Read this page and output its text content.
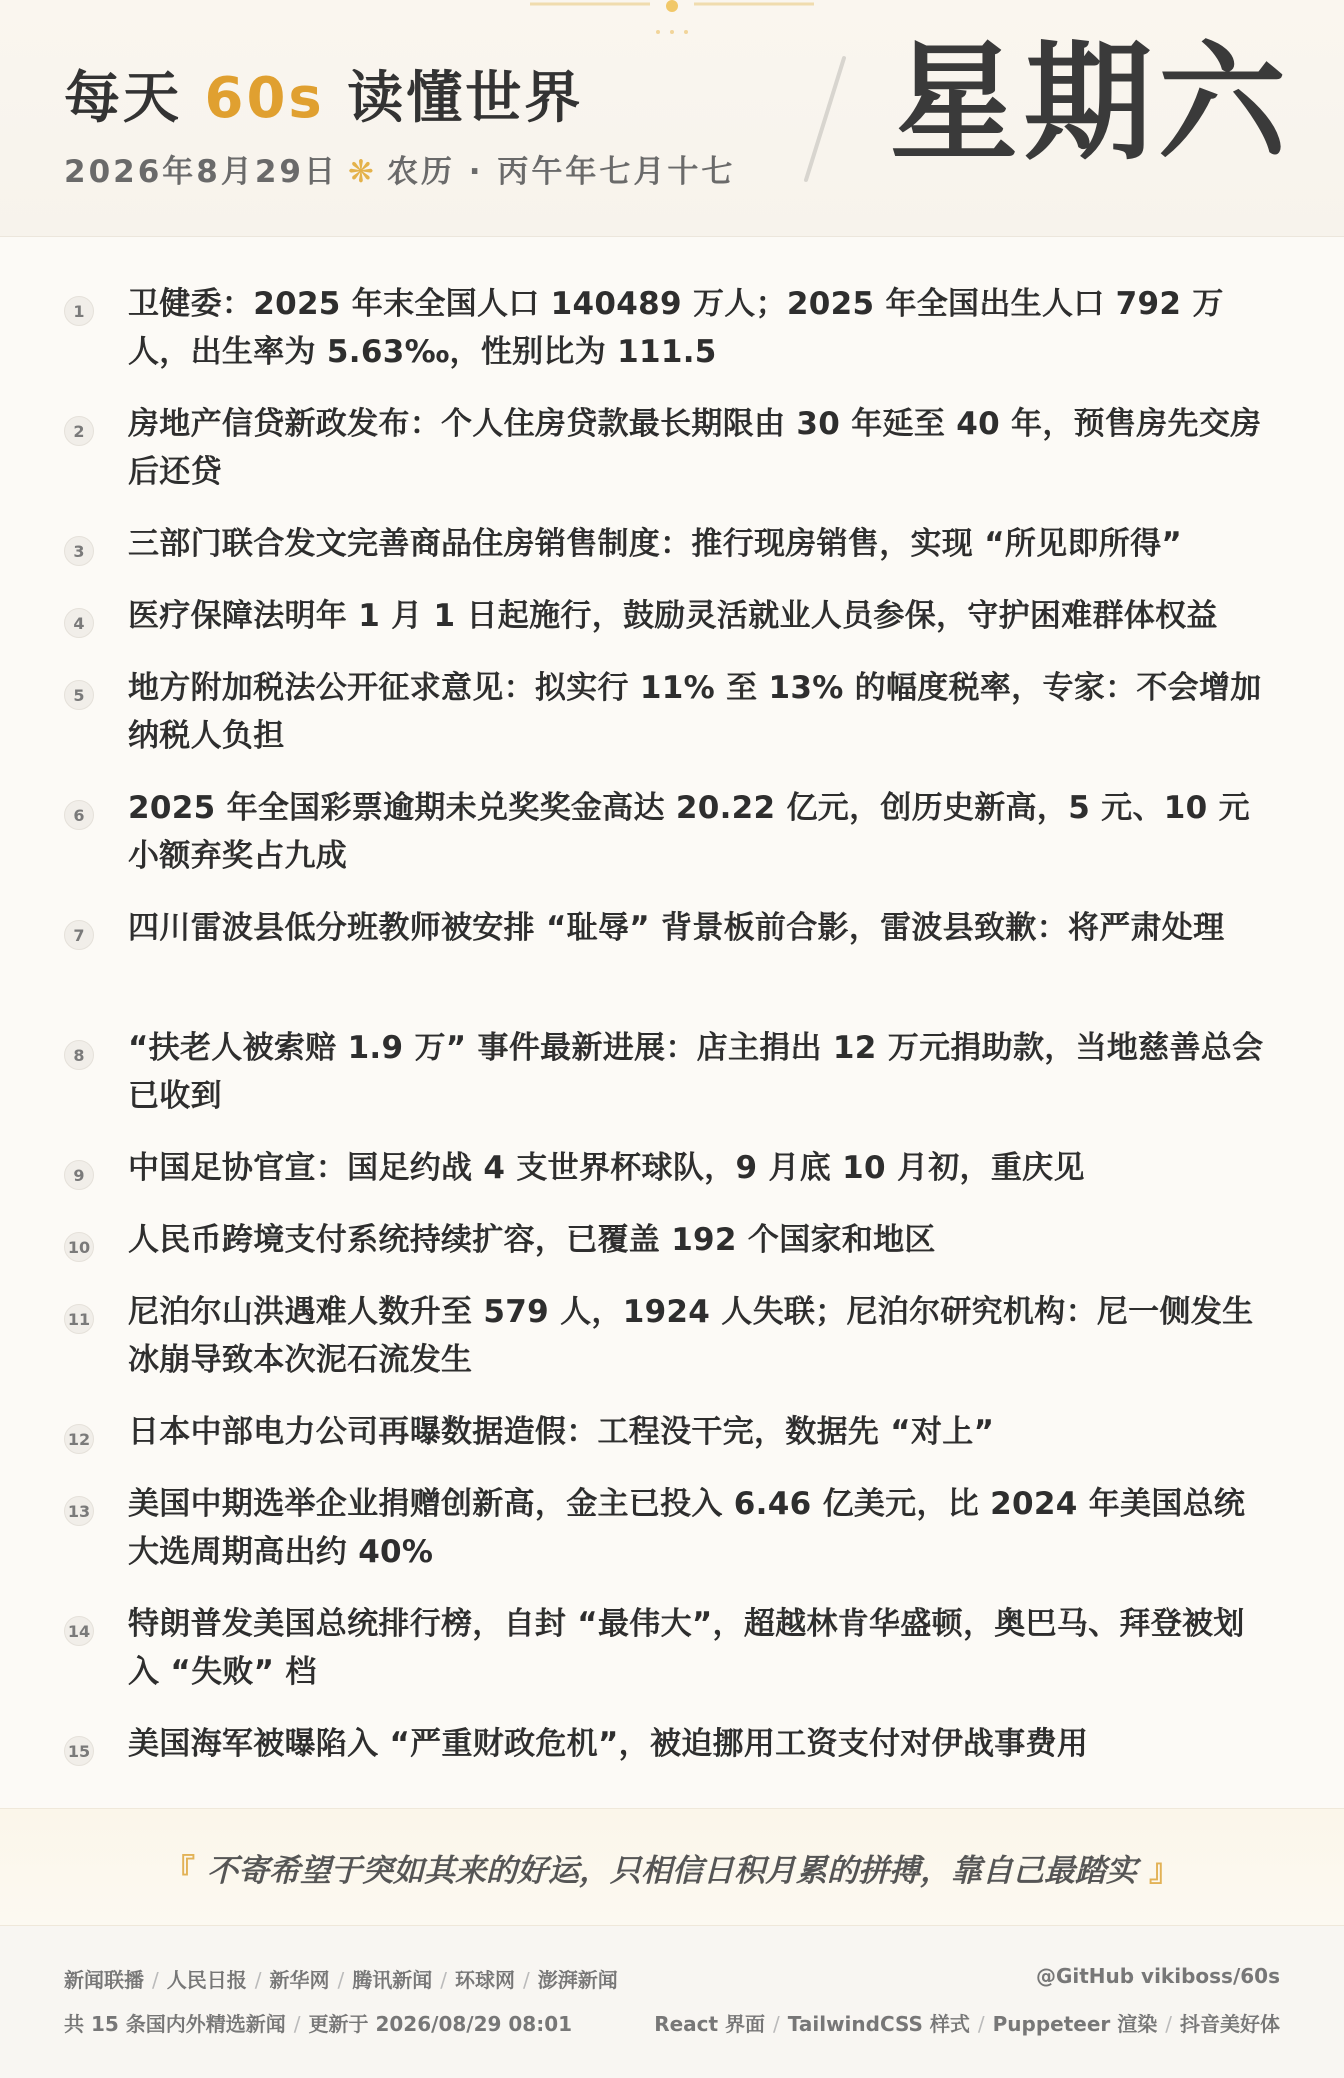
每天 60s 读懂世界
2026年8月29日 ❋ 农历 · 丙午年七月十七 星期六
1	卫健委：2025 年末全国人口 140489 万人；2025 年全国出生人口 792 万人，出生率为 5.63‰，性别比为 111.5
2	房地产信贷新政发布：个人住房贷款最长期限由 30 年延至 40 年，预售房先交房后还贷
3	三部门联合发文完善商品住房销售制度：推行现房销售，实现 “所见即所得”
4	医疗保障法明年 1 月 1 日起施行，鼓励灵活就业人员参保，守护困难群体权益
5	地方附加税法公开征求意见：拟实行 11% 至 13% 的幅度税率，专家：不会增加纳税人负担
6	2025 年全国彩票逾期未兑奖奖金高达 20.22 亿元，创历史新高，5 元、10 元小额弃奖占九成
7	四川雷波县低分班教师被安排 “耻辱” 背景板前合影，雷波县致歉：将严肃处理
8	“扶老人被索赔 1.9 万” 事件最新进展：店主捐出 12 万元捐助款，当地慈善总会已收到
9	中国足协官宣：国足约战 4 支世界杯球队，9 月底 10 月初，重庆见
10 人民币跨境支付系统持续扩容，已覆盖 192 个国家和地区
11 尼泊尔山洪遇难人数升至 579 人，1924 人失联；尼泊尔研究机构：尼一侧发生冰崩导致本次泥石流发生
12 日本中部电力公司再曝数据造假：工程没干完，数据先 “对上”
13 美国中期选举企业捐赠创新高，金主已投入 6.46 亿美元，比 2024 年美国总统大选周期高出约 40%
14 特朗普发美国总统排行榜，自封 “最伟大”，超越林肯华盛顿，奥巴马、拜登被划入 “失败” 档
15 美国海军被曝陷入 “严重财政危机”，被迫挪用工资支付对伊战事费用
『 不寄希望于突如其来的好运，只相信日积月累的拼搏，靠自己最踏实 』
新闻联播 / 人民日报 / 新华网 / 腾讯新闻 / 环球网 / 澎湃新闻
共 15 条国内外精选新闻 / 更新于 2026/08/29 08:01
@GitHub vikiboss/60s
React 界面 / TailwindCSS 样式 / Puppeteer 渲染 / 抖音美好体
